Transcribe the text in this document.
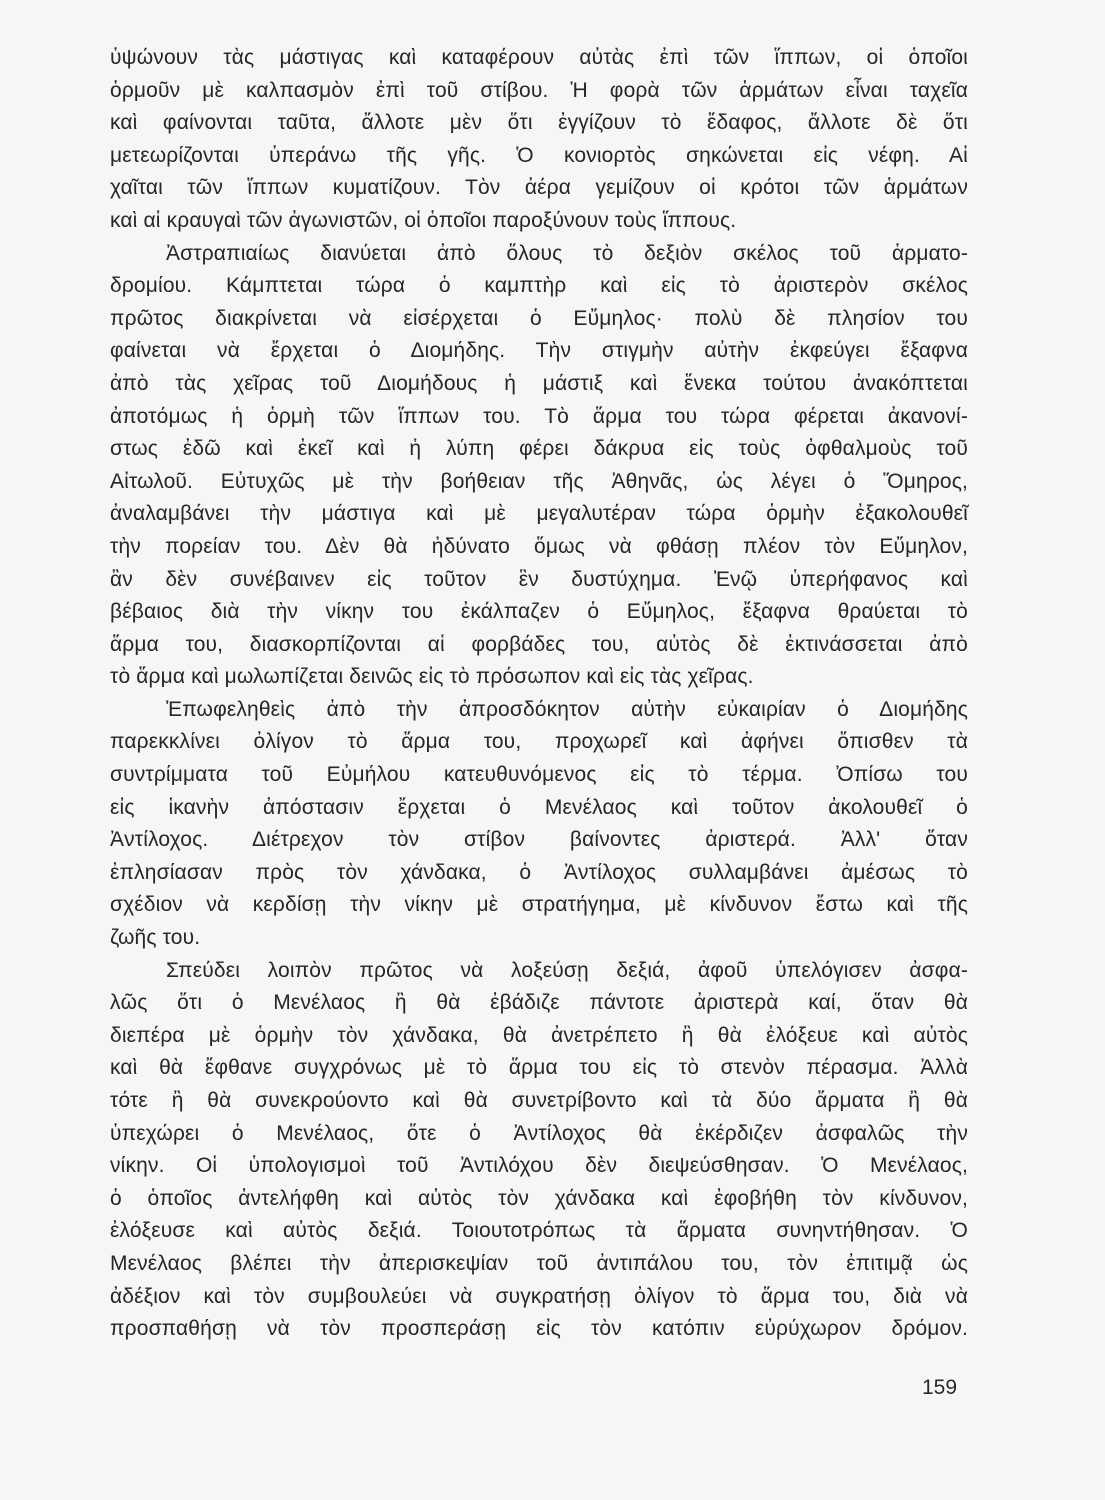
ὑψώνουν τὰς μάστιγας καὶ καταφέρουν αὐτὰς ἐπὶ τῶν ἵππων, οἱ ὁποῖοι
ὁρμοῦν μὲ καλπασμὸν ἐπὶ τοῦ στίβου. Ἡ φορὰ τῶν ἁρμάτων εἶναι ταχεῖα
καὶ φαίνονται ταῦτα, ἄλλοτε μὲν ὅτι ἐγγίζουν τὸ ἔδαφος, ἄλλοτε δὲ ὅτι
μετεωρίζονται ὑπεράνω τῆς γῆς. Ὁ κονιορτὸς σηκώνεται εἰς νέφη. Αἱ
χαῖται τῶν ἵππων κυματίζουν. Τὸν ἀέρα γεμίζουν οἱ κρότοι τῶν ἁρμάτων
καὶ αἱ κραυγαὶ τῶν ἀγωνιστῶν, οἱ ὁποῖοι παροξύνουν τοὺς ἵππους.
Ἀστραπιαίως διανύεται ἀπὸ ὅλους τὸ δεξιὸν σκέλος τοῦ ἁρματο-
δρομίου. Κάμπτεται τώρα ὁ καμπτὴρ καὶ εἰς τὸ ἀριστερὸν σκέλος
πρῶτος διακρίνεται νὰ εἰσέρχεται ὁ Εὔμηλος· πολὺ δὲ πλησίον του
φαίνεται νὰ ἔρχεται ὁ Διομήδης. Τὴν στιγμὴν αὐτὴν ἐκφεύγει ἔξαφνα
ἀπὸ τὰς χεῖρας τοῦ Διομήδους ἡ μάστιξ καὶ ἕνεκα τούτου ἀνακόπτεται
ἀποτόμως ἡ ὁρμὴ τῶν ἵππων του. Τὸ ἅρμα του τώρα φέρεται ἀκανονί-
στως ἐδῶ καὶ ἐκεῖ καὶ ἡ λύπη φέρει δάκρυα εἰς τοὺς ὀφθαλμοὺς τοῦ
Αἰτωλοῦ. Εὐτυχῶς μὲ τὴν βοήθειαν τῆς Ἀθηνᾶς, ὡς λέγει ὁ Ὅμηρος,
ἀναλαμβάνει τὴν μάστιγα καὶ μὲ μεγαλυτέραν τώρα ὁρμὴν ἐξακολουθεῖ
τὴν πορείαν του. Δὲν θὰ ἠδύνατο ὅμως νὰ φθάσῃ πλέον τὸν Εὔμηλον,
ἂν δὲν συνέβαινεν εἰς τοῦτον ἓν δυστύχημα. Ἐνῷ ὑπερήφανος καὶ
βέβαιος διὰ τὴν νίκην του ἐκάλπαζεν ὁ Εὔμηλος, ἔξαφνα θραύεται τὸ
ἅρμα του, διασκορπίζονται αἱ φορβάδες του, αὐτὸς δὲ ἐκτινάσσεται ἀπὸ
τὸ ἅρμα καὶ μωλωπίζεται δεινῶς εἰς τὸ πρόσωπον καὶ εἰς τὰς χεῖρας.
Ἐπωφεληθεὶς ἀπὸ τὴν ἀπροσδόκητον αὐτὴν εὐκαιρίαν ὁ Διομήδης
παρεκκλίνει ὀλίγον τὸ ἅρμα του, προχωρεῖ καὶ ἀφήνει ὄπισθεν τὰ
συντρίμματα τοῦ Εὐμήλου κατευθυνόμενος εἰς τὸ τέρμα. Ὀπίσω του
εἰς ἱκανὴν ἀπόστασιν ἔρχεται ὁ Μενέλαος καὶ τοῦτον ἀκολουθεῖ ὁ
Ἀντίλοχος. Διέτρεχον τὸν στίβον βαίνοντες ἀριστερά. Ἀλλ' ὅταν
ἐπλησίασαν πρὸς τὸν χάνδακα, ὁ Ἀντίλοχος συλλαμβάνει ἀμέσως τὸ
σχέδιον νὰ κερδίσῃ τὴν νίκην μὲ στρατήγημα, μὲ κίνδυνον ἔστω καὶ τῆς
ζωῆς του.
Σπεύδει λοιπὸν πρῶτος νὰ λοξεύσῃ δεξιά, ἀφοῦ ὑπελόγισεν ἀσφα-
λῶς ὅτι ὁ Μενέλαος ἢ θὰ ἐβάδιζε πάντοτε ἀριστερὰ καί, ὅταν θὰ
διεπέρα μὲ ὁρμὴν τὸν χάνδακα, θὰ ἀνετρέπετο ἢ θὰ ἐλόξευε καὶ αὐτὸς
καὶ θὰ ἔφθανε συγχρόνως μὲ τὸ ἅρμα του εἰς τὸ στενὸν πέρασμα. Ἀλλὰ
τότε ἢ θὰ συνεκρούοντο καὶ θὰ συνετρίβοντο καὶ τὰ δύο ἅρματα ἢ θὰ
ὑπεχώρει ὁ Μενέλαος, ὅτε ὁ Ἀντίλοχος θὰ ἐκέρδιζεν ἀσφαλῶς τὴν
νίκην. Οἱ ὑπολογισμοὶ τοῦ Ἀντιλόχου δὲν διεψεύσθησαν. Ὁ Μενέλαος,
ὁ ὁποῖος ἀντελήφθη καὶ αὐτὸς τὸν χάνδακα καὶ ἐφοβήθη τὸν κίνδυνον,
ἐλόξευσε καὶ αὐτὸς δεξιά. Τοιουτοτρόπως τὰ ἅρματα συνηντήθησαν. Ὁ
Μενέλαος βλέπει τὴν ἀπερισκεψίαν τοῦ ἀντιπάλου του, τὸν ἐπιτιμᾷ ὡς
ἀδέξιον καὶ τὸν συμβουλεύει νὰ συγκρατήσῃ ὀλίγον τὸ ἅρμα του, διὰ νὰ
προσπαθήσῃ νὰ τὸν προσπεράσῃ εἰς τὸν κατόπιν εὐρύχωρον δρόμον.
159
